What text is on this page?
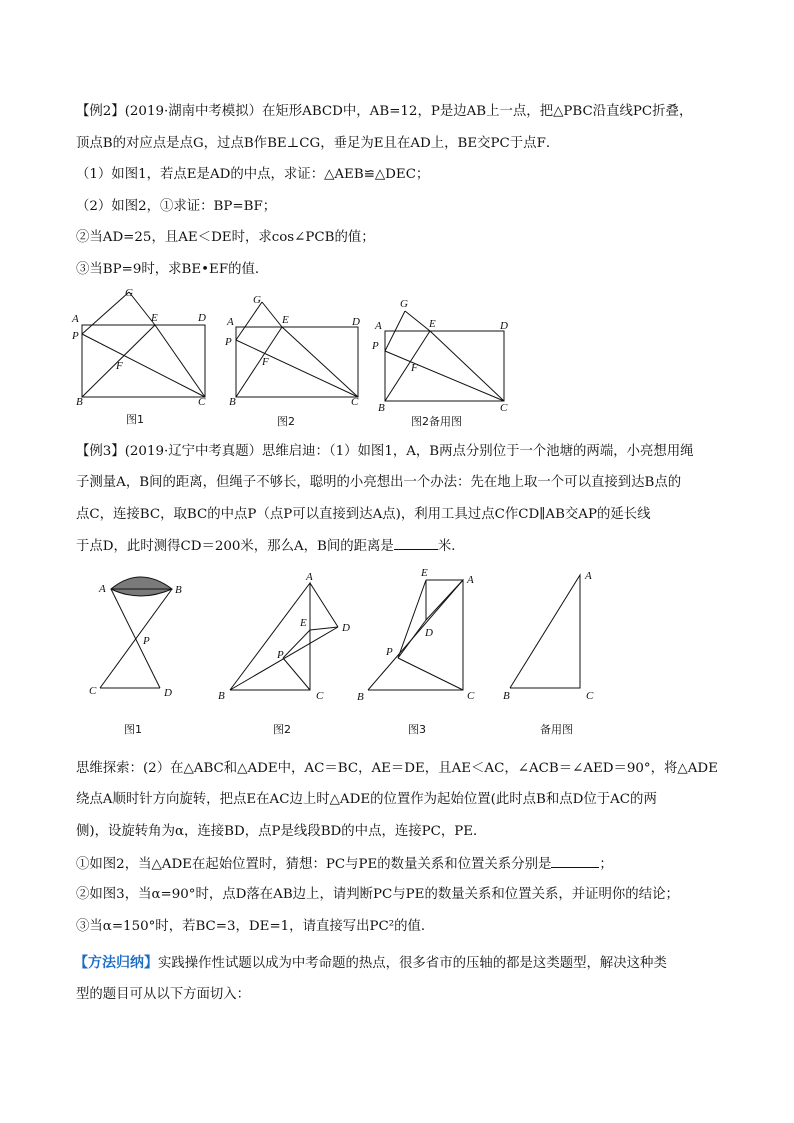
【例2】(2019·湖南中考模拟）在矩形ABCD中，AB=12，P是边AB上一点，把△PBC沿直线PC折叠，
顶点B的对应点是点G，过点B作BE⊥CG，垂足为E且在AD上，BE交PC于点F．
（1）如图1，若点E是AD的中点，求证：△AEB≌△DEC；
（2）如图2，①求证：BP=BF；
②当AD=25，且AE＜DE时，求cos∠PCB的值；
③当BP=9时，求BE•EF的值．
G
A	E	D
P
F
B	C
图1
G
A	E	D
P
F
B	C
图2
G
A	E	D
P
F
B	C
图2备用图
【例3】(2019·辽宁中考真题）思维启迪：（1）如图1，A，B两点分别位于一个池塘的两端，小亮想用绳
子测量A，B间的距离，但绳子不够长，聪明的小亮想出一个办法：先在地上取一个可以直接到达B点的
点C，连接BC，取BC的中点P（点P可以直接到达A点)，利用工具过点C作CD∥AB交AP的延长线
于点D，此时测得CD＝200米，那么A，B间的距离是	米．
A	B
P
C	D
图1
A
E	D
P
B	C
图2
E
A
D
P
B	C
图3
A
B	C
备用图
思维探索：(2）在△ABC和△ADE中，AC＝BC，AE＝DE，且AE＜AC，∠ACB＝∠AED＝90°，将△ADE
绕点A顺时针方向旋转，把点E在AC边上时△ADE的位置作为起始位置(此时点B和点D位于AC的两
侧)，设旋转角为α，连接BD，点P是线段BD的中点，连接PC，PE．
①如图2，当△ADE在起始位置时，猜想：PC与PE的数量关系和位置关系分别是	；
②如图3，当α=90°时，点D落在AB边上，请判断PC与PE的数量关系和位置关系，并证明你的结论；
③当α=150°时，若BC=3，DE=1，请直接写出PC²的值．
【方法归纳】实践操作性试题以成为中考命题的热点，很多省市的压轴的都是这类题型，解决这种类
型的题目可从以下方面切入：
